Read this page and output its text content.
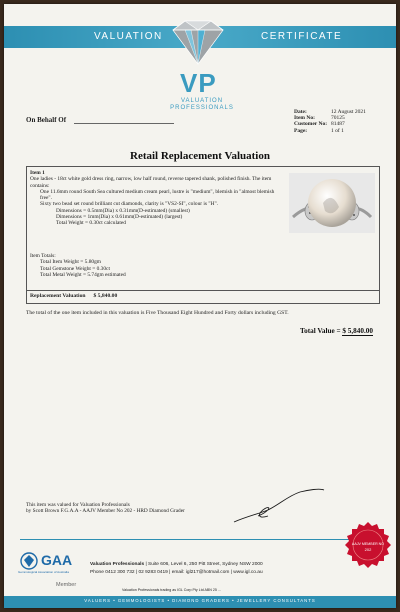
VALUATION	CERTIFICATE
VP
VALUATION
PROFESSIONALS
On Behalf Of
Date:	12 August 2021
Item No:	70125
Customer No: 81487
Page:	1 of 1
Retail Replacement Valuation
Item 1
One ladies - 18ct white gold dress ring, narrow, low half round, reverse tapered shank, polished finish. The item contains:
One 11.6mm round South Sea cultured medium cream pearl, lustre is "medium", blemish in "almost blemish free".
Sixty two bead set round brilliant cut diamonds, clarity is "VS2-SI", colour is "H".
Dimensions = 0.5mm(Dia) x 0.31mm(D-estimated) (smallest)
Dimensions = 1mm(Dia) x 0.61mm(D-estimated) (largest)
Total Weight = 0.30ct calculated
Item Totals:
Total Item Weight = 5.80gm
Total Gemstone Weight = 0.30ct
Total Metal Weight = 5.74gm estimated
Replacement Valuation $ 5,840.00
The total of the one item included in this valuation is Five Thousand Eight Hundred and Forty dollars including GST.
Total Value = $ 5,840.00
This item was valued for Valuation Professionals
by Scott Brown F.G.A.A - AAJV Member No 202 - HRD Diamond Grader
GAA
Gemmological Association of Australia
Member
Valuation Professionals | Suite 606, Level 6, 250 Pitt Street, Sydney NSW 2000
Phone 0412 300 732 | 02 9283 0419 | email: igl217@hotmail.com | www.igl.co.au
Valuation Professionals trading as IGL Corp Pty Ltd ABN 25 ...
AAJV MEMBER NO
202
VALUERS • GEMMOLOGISTS • DIAMOND GRADERS • JEWELLERY CONSULTANTS
